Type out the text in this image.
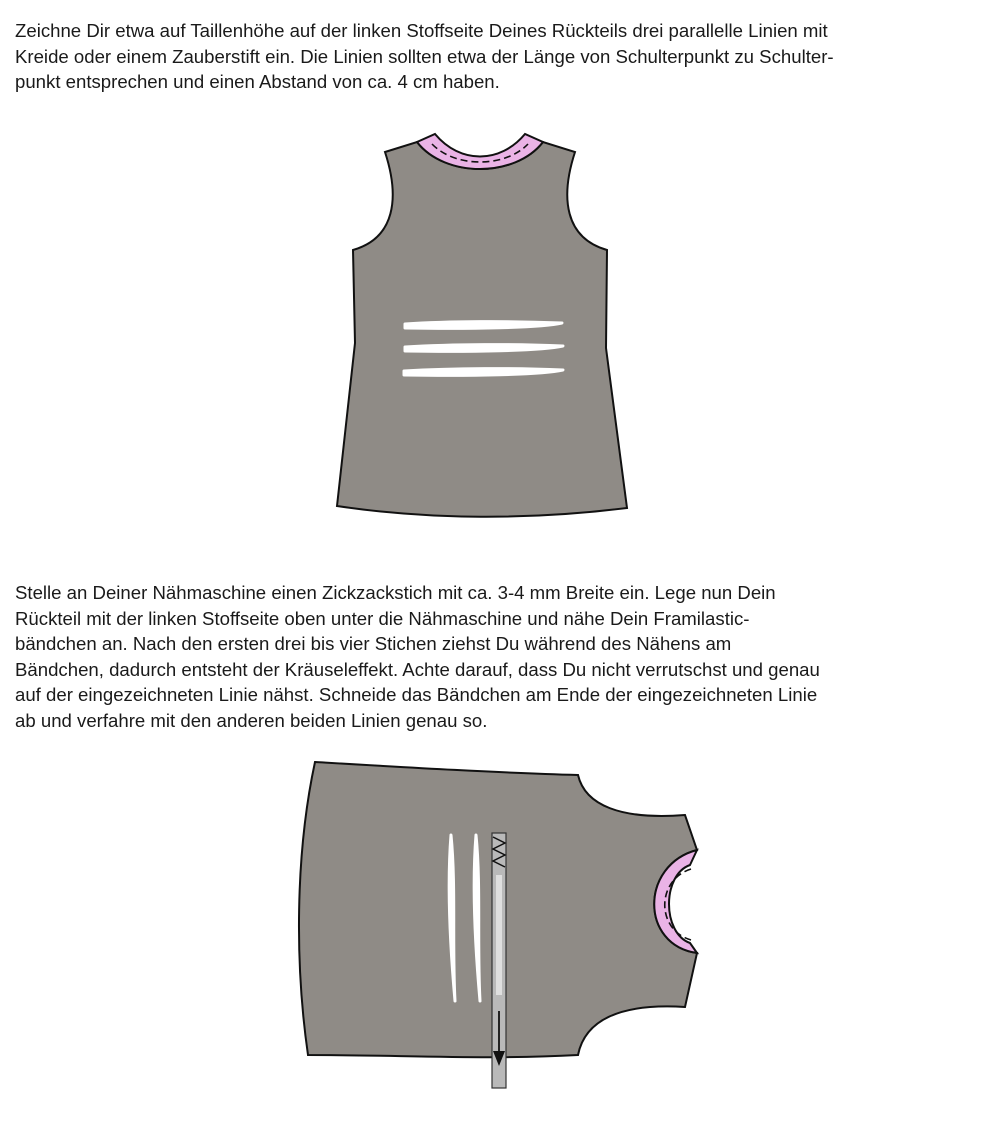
Zeichne Dir etwa auf Taillenhöhe auf der linken Stoffseite Deines Rückteils drei parallelle Linien mit
Kreide oder einem Zauberstift ein. Die Linien sollten etwa der Länge von Schulterpunkt zu Schulter-
punkt entsprechen und einen Abstand von ca. 4 cm haben.
Stelle an Deiner Nähmaschine einen Zickzackstich mit ca. 3-4 mm Breite ein. Lege nun Dein
Rückteil mit der linken Stoffseite oben unter die Nähmaschine und nähe Dein Framilastic-
bändchen an. Nach den ersten drei bis vier Stichen ziehst Du während des Nähens am
Bändchen, dadurch entsteht der Kräuseleffekt. Achte darauf, dass Du nicht verrutschst und genau
auf der eingezeichneten Linie nähst. Schneide das Bändchen am Ende der eingezeichneten Linie
ab und verfahre mit den anderen beiden Linien genau so.
